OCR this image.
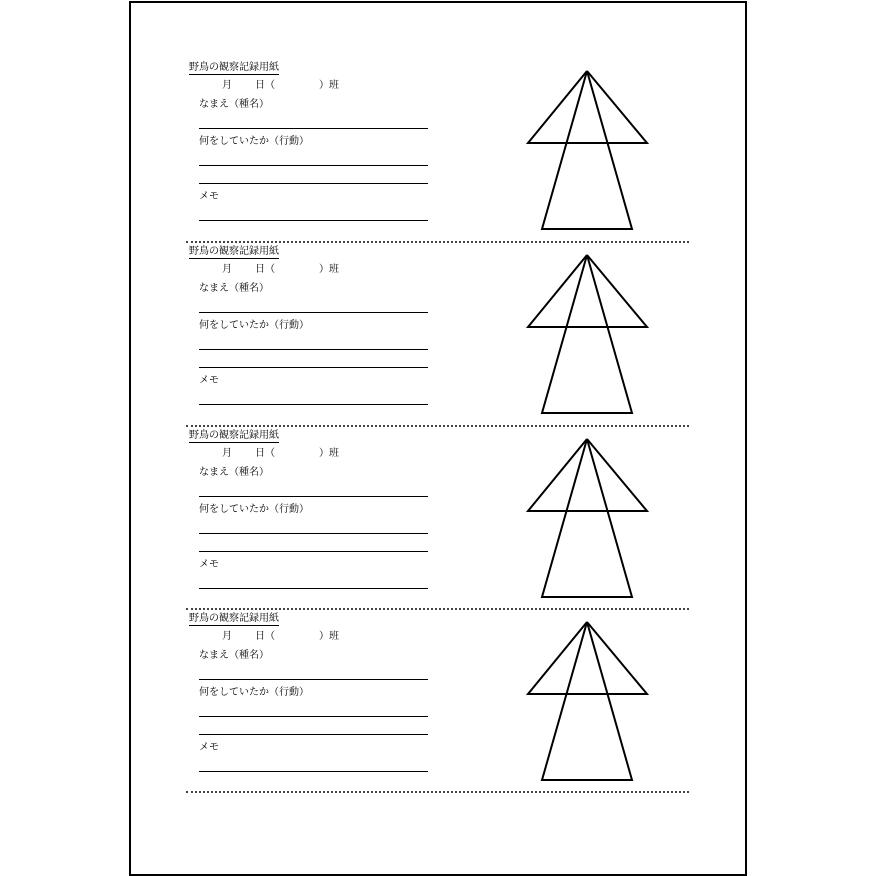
野鳥の観察記録用紙
月 日（	）班
なまえ（種名）
何をしていたか（行動）
メモ
野鳥の観察記録用紙
月 日（	）班
なまえ（種名）
何をしていたか（行動）
メモ
野鳥の観察記録用紙
月 日（	）班
なまえ（種名）
何をしていたか（行動）
メモ
野鳥の観察記録用紙
月 日（	）班
なまえ（種名）
何をしていたか（行動）
メモ
